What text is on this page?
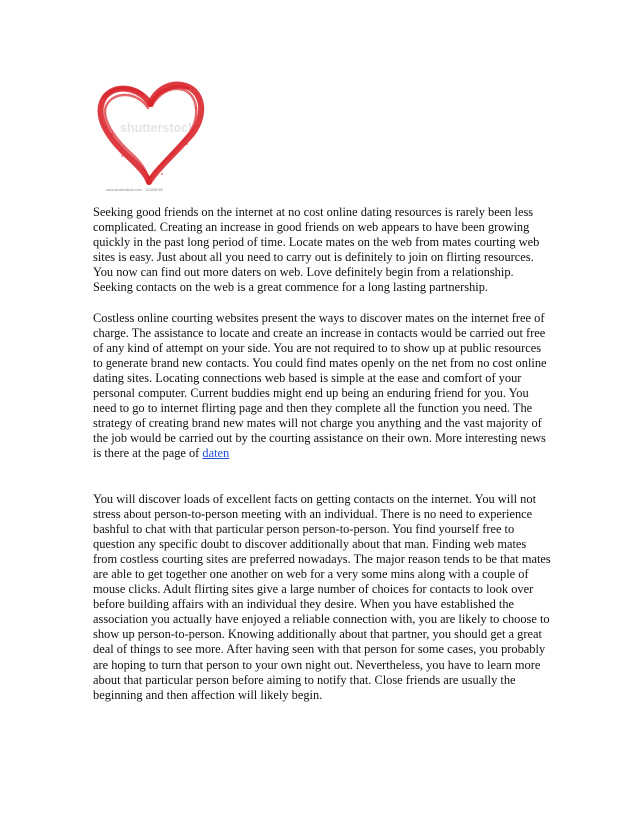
shutterstock
www.shutterstock.com · 123456789

Seeking good friends on the internet at no cost online dating resources is rarely been less complicated. Creating an increase in good friends on web appears to have been growing quickly in the past long period of time. Locate mates on the web from mates courting web sites is easy. Just about all you need to carry out is definitely to join on flirting resources. You now can find out more daters on web. Love definitely begin from a relationship. Seeking contacts on the web is a great commence for a long lasting partnership.

Costless online courting websites present the ways to discover mates on the internet free of charge. The assistance to locate and create an increase in contacts would be carried out free of any kind of attempt on your side. You are not required to to show up at public resources to generate brand new contacts. You could find mates openly on the net from no cost online dating sites. Locating connections web based is simple at the ease and comfort of your personal computer. Current buddies might end up being an enduring friend for you. You need to go to internet flirting page and then they complete all the function you need. The strategy of creating brand new mates will not charge you anything and the vast majority of the job would be carried out by the courting assistance on their own. More interesting news is there at the page of daten

You will discover loads of excellent facts on getting contacts on the internet. You will not stress about person-to-person meeting with an individual. There is no need to experience bashful to chat with that particular person person-to-person. You find yourself free to question any specific doubt to discover additionally about that man. Finding web mates from costless courting sites are preferred nowadays. The major reason tends to be that mates are able to get together one another on web for a very some mins along with a couple of mouse clicks. Adult flirting sites give a large number of choices for contacts to look over before building affairs with an individual they desire. When you have established the association you actually have enjoyed a reliable connection with, you are likely to choose to show up person-to-person. Knowing additionally about that partner, you should get a great deal of things to see more. After having seen with that person for some cases, you probably are hoping to turn that person to your own night out. Nevertheless, you have to learn more about that particular person before aiming to notify that. Close friends are usually the beginning and then affection will likely begin.
